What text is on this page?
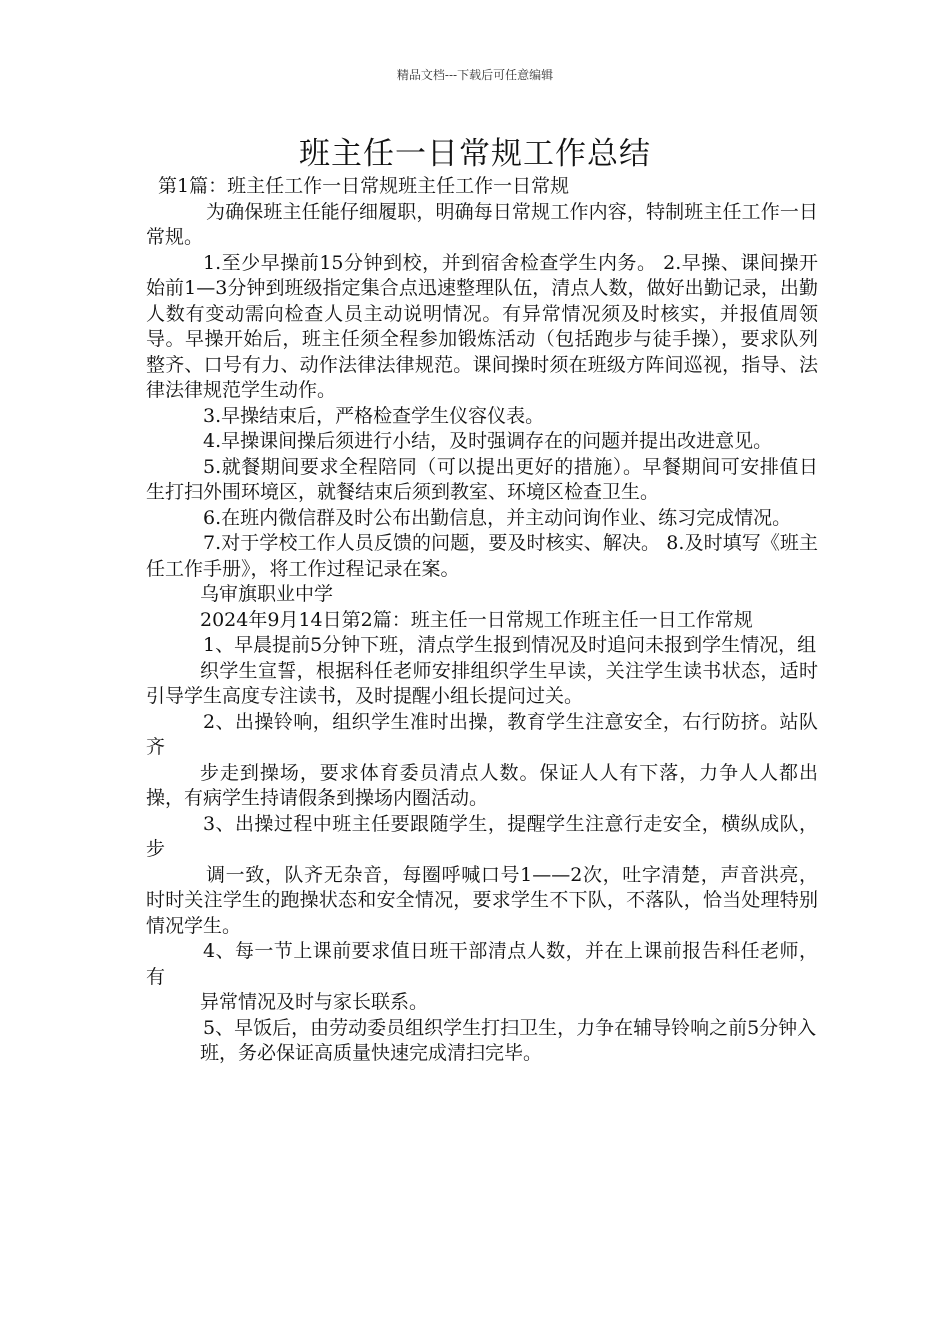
精品文档---下载后可任意编辑
班主任一日常规工作总结

第1篇：班主任工作一日常规班主任工作一日常规

为确保班主任能仔细履职，明确每日常规工作内容，特制班主任工作一日常规。

1.至少早操前15分钟到校，并到宿舍检查学生内务。 2.早操、课间操开始前1—3分钟到班级指定集合点迅速整理队伍，清点人数，做好出勤记录，出勤人数有变动需向检查人员主动说明情况。有异常情况须及时核实，并报值周领导。早操开始后，班主任须全程参加锻炼活动（包括跑步与徒手操），要求队列整齐、口号有力、动作法律法律规范。课间操时须在班级方阵间巡视，指导、法律法律规范学生动作。

3.早操结束后，严格检查学生仪容仪表。

4.早操课间操后须进行小结，及时强调存在的问题并提出改进意见。

5.就餐期间要求全程陪同（可以提出更好的措施）。早餐期间可安排值日生打扫外围环境区，就餐结束后须到教室、环境区检查卫生。

6.在班内微信群及时公布出勤信息，并主动问询作业、练习完成情况。

7.对于学校工作人员反馈的问题，要及时核实、解决。 8.及时填写《班主任工作手册》，将工作过程记录在案。

乌审旗职业中学

2024年9月14日第2篇：班主任一日常规工作班主任一日工作常规

1、早晨提前5分钟下班，清点学生报到情况及时追问未报到学生情况，组

织学生宣誓，根据科任老师安排组织学生早读，关注学生读书状态，适时引导学生高度专注读书，及时提醒小组长提问过关。

2、出操铃响，组织学生准时出操，教育学生注意安全，右行防挤。站队齐

步走到操场，要求体育委员清点人数。保证人人有下落，力争人人都出操，有病学生持请假条到操场内圈活动。

3、出操过程中班主任要跟随学生，提醒学生注意行走安全，横纵成队，步

调一致，队齐无杂音，每圈呼喊口号1——2次，吐字清楚，声音洪亮，时时关注学生的跑操状态和安全情况，要求学生不下队，不落队，恰当处理特别情况学生。

4、每一节上课前要求值日班干部清点人数，并在上课前报告科任老师，有

异常情况及时与家长联系。

5、早饭后，由劳动委员组织学生打扫卫生，力争在辅导铃响之前5分钟入

班，务必保证高质量快速完成清扫完毕。
